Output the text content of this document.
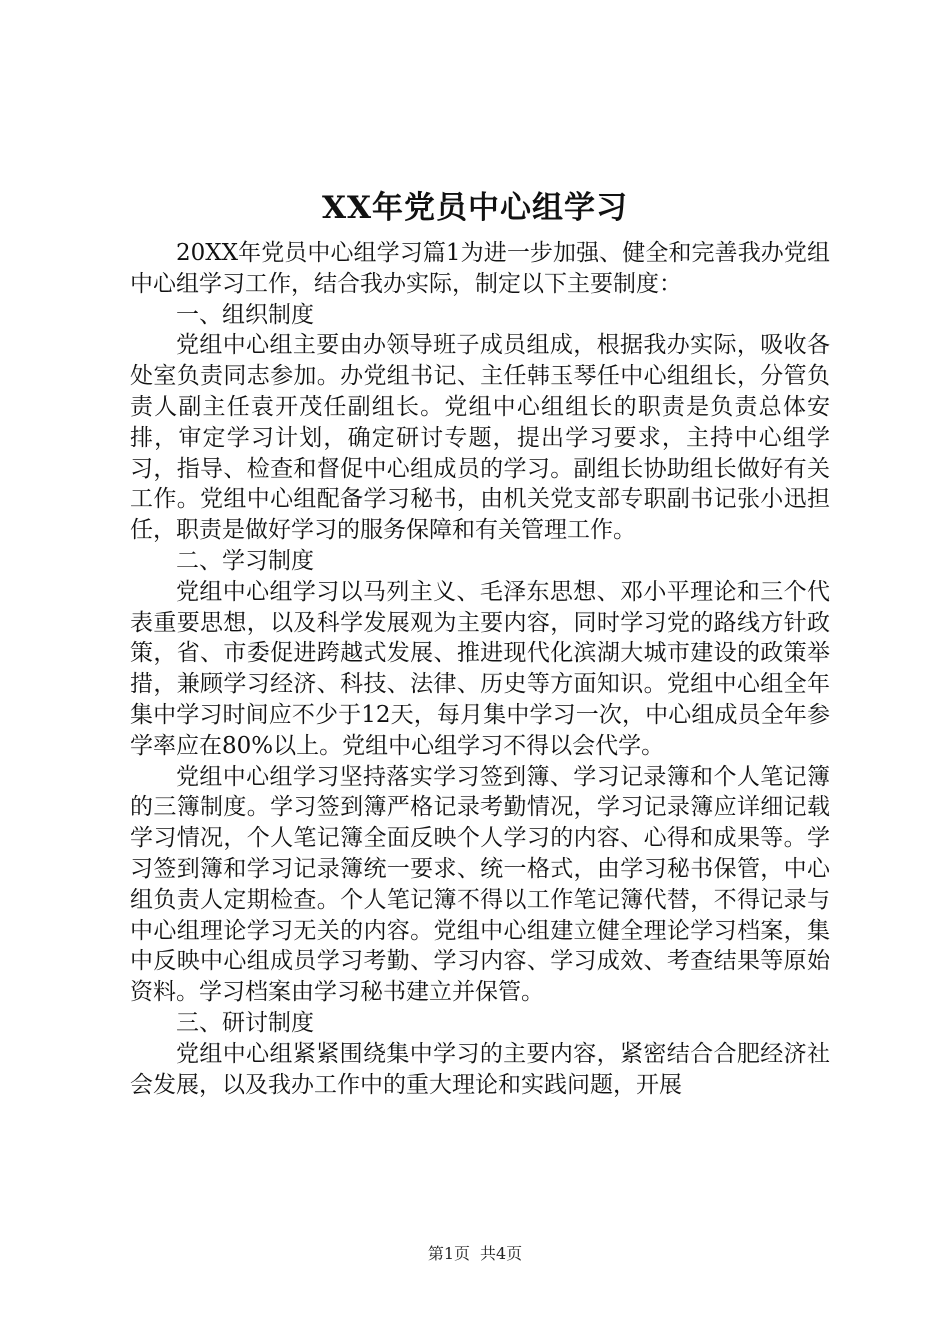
XX年党员中心组学习

20XX年党员中心组学习篇1为进一步加强、健全和完善我办党组中心组学习工作，结合我办实际，制定以下主要制度：

一、组织制度

党组中心组主要由办领导班子成员组成，根据我办实际，吸收各处室负责同志参加。办党组书记、主任韩玉琴任中心组组长，分管负责人副主任袁开茂任副组长。党组中心组组长的职责是负责总体安排，审定学习计划，确定研讨专题，提出学习要求，主持中心组学习，指导、检查和督促中心组成员的学习。副组长协助组长做好有关工作。党组中心组配备学习秘书，由机关党支部专职副书记张小迅担任，职责是做好学习的服务保障和有关管理工作。

二、学习制度

党组中心组学习以马列主义、毛泽东思想、邓小平理论和三个代表重要思想，以及科学发展观为主要内容，同时学习党的路线方针政策，省、市委促进跨越式发展、推进现代化滨湖大城市建设的政策举措，兼顾学习经济、科技、法律、历史等方面知识。党组中心组全年集中学习时间应不少于12天，每月集中学习一次，中心组成员全年参学率应在80%以上。党组中心组学习不得以会代学。

党组中心组学习坚持落实学习签到簿、学习记录簿和个人笔记簿的三簿制度。学习签到簿严格记录考勤情况，学习记录簿应详细记载学习情况，个人笔记簿全面反映个人学习的内容、心得和成果等。学习签到簿和学习记录簿统一要求、统一格式，由学习秘书保管，中心组负责人定期检查。个人笔记簿不得以工作笔记簿代替，不得记录与中心组理论学习无关的内容。党组中心组建立健全理论学习档案，集中反映中心组成员学习考勤、学习内容、学习成效、考查结果等原始资料。学习档案由学习秘书建立并保管。

三、研讨制度

党组中心组紧紧围绕集中学习的主要内容，紧密结合合肥经济社会发展，以及我办工作中的重大理论和实践问题，开展

第1页 共4页
